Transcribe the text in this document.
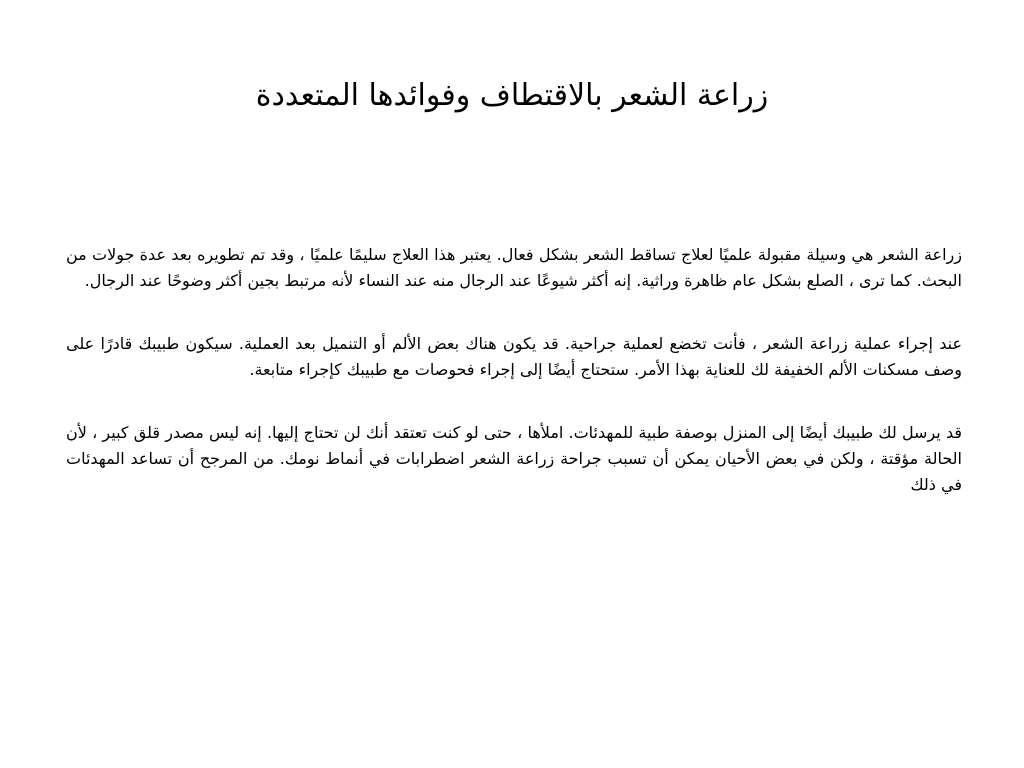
زراعة الشعر بالاقتطاف وفوائدها المتعددة

زراعة الشعر هي وسيلة مقبولة علميًا لعلاج تساقط الشعر بشكل فعال. يعتبر هذا العلاج سليمًا علميًا ، وقد تم تطويره بعد عدة جولات من البحث. كما ترى ، الصلع بشكل عام ظاهرة وراثية. إنه أكثر شيوعًا عند الرجال منه عند النساء لأنه مرتبط بجين أكثر وضوحًا عند الرجال.

عند إجراء عملية زراعة الشعر ، فأنت تخضع لعملية جراحية. قد يكون هناك بعض الألم أو التنميل بعد العملية. سيكون طبيبك قادرًا على وصف مسكنات الألم الخفيفة لك للعناية بهذا الأمر. ستحتاج أيضًا إلى إجراء فحوصات مع طبيبك كإجراء متابعة.

قد يرسل لك طبيبك أيضًا إلى المنزل بوصفة طبية للمهدئات. املأها ، حتى لو كنت تعتقد أنك لن تحتاج إليها. إنه ليس مصدر قلق كبير ، لأن الحالة مؤقتة ، ولكن في بعض الأحيان يمكن أن تسبب جراحة زراعة الشعر اضطرابات في أنماط نومك. من المرجح أن تساعد المهدئات في ذلك
